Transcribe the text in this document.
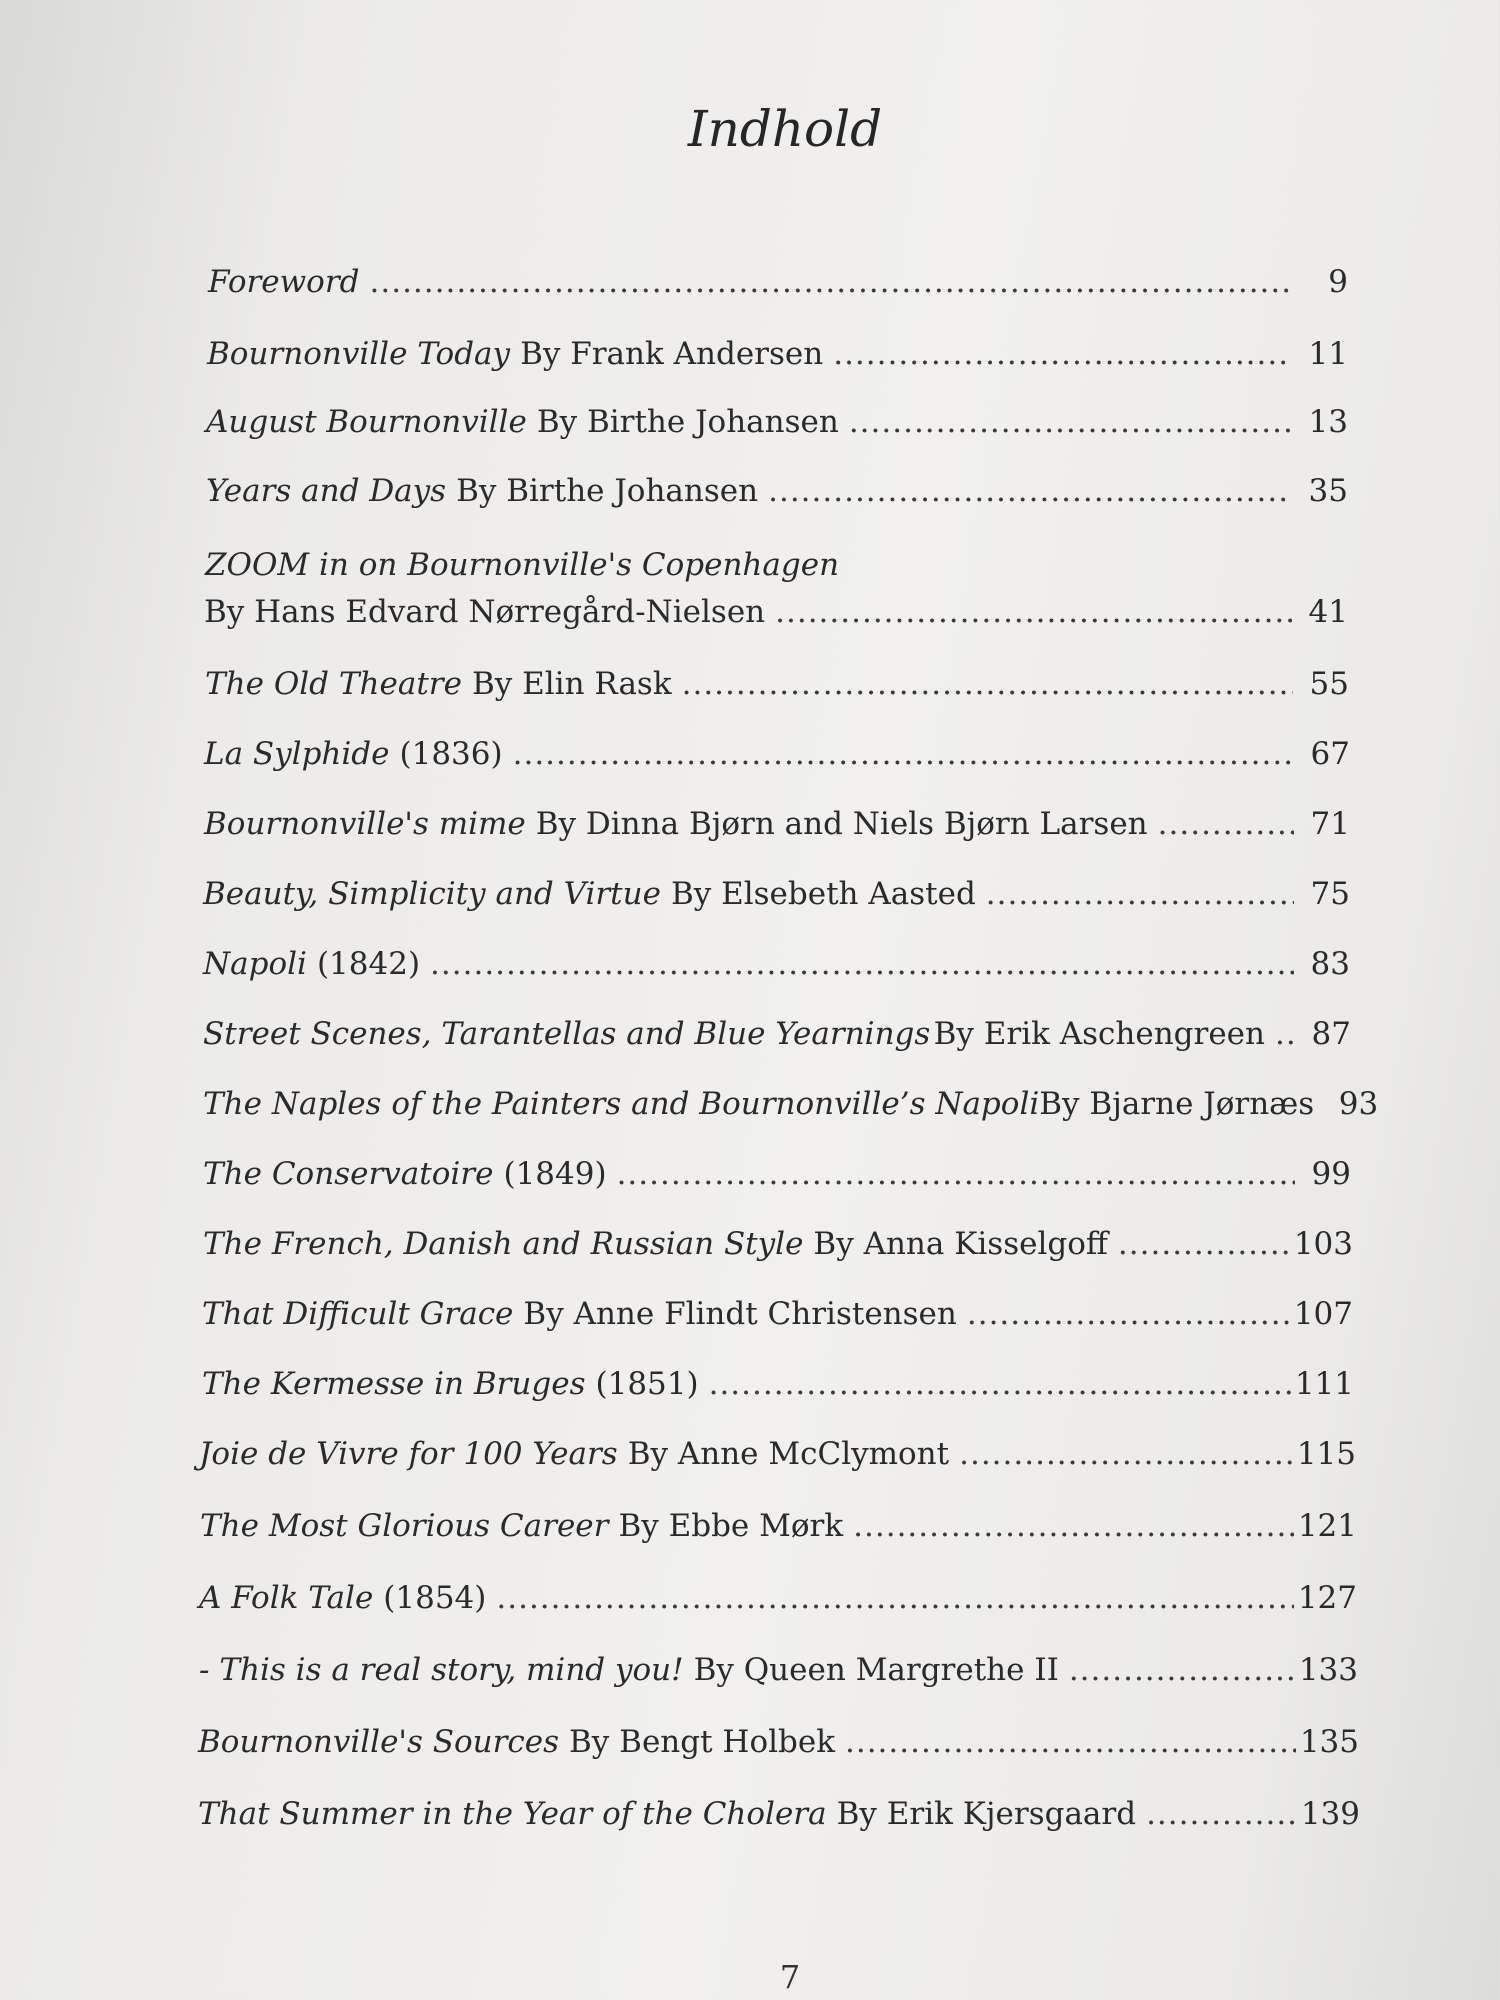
Indhold
Foreword .....	9
Bournonville Today By Frank Andersen .....	11
August Bournonville By Birthe Johansen .....	13
Years and Days By Birthe Johansen .....	35
ZOOM in on Bournonville's Copenhagen
By Hans Edvard Nørregård-Nielsen .....	41
The Old Theatre By Elin Rask .....	55
La Sylphide (1836) .....	67
Bournonville's mime By Dinna Bjørn and Niels Bjørn Larsen .....	71
Beauty, Simplicity and Virtue By Elsebeth Aasted .....	75
Napoli (1842) .....	83
Street Scenes, Tarantellas and Blue Yearnings By Erik Aschengreen .....	87
The Naples of the Painters and Bournonville’s Napoli By Bjarne Jørnæs 93
The Conservatoire (1849) .....	99
The French, Danish and Russian Style By Anna Kisselgoff .....	103
That Difficult Grace By Anne Flindt Christensen .....	107
The Kermesse in Bruges (1851) .....	111
Joie de Vivre for 100 Years By Anne McClymont .....	115
The Most Glorious Career By Ebbe Mørk .....	121
A Folk Tale (1854) .....	127
- This is a real story, mind you! By Queen Margrethe II .....	133
Bournonville's Sources By Bengt Holbek .....	135
That Summer in the Year of the Cholera By Erik Kjersgaard .....	139
7
